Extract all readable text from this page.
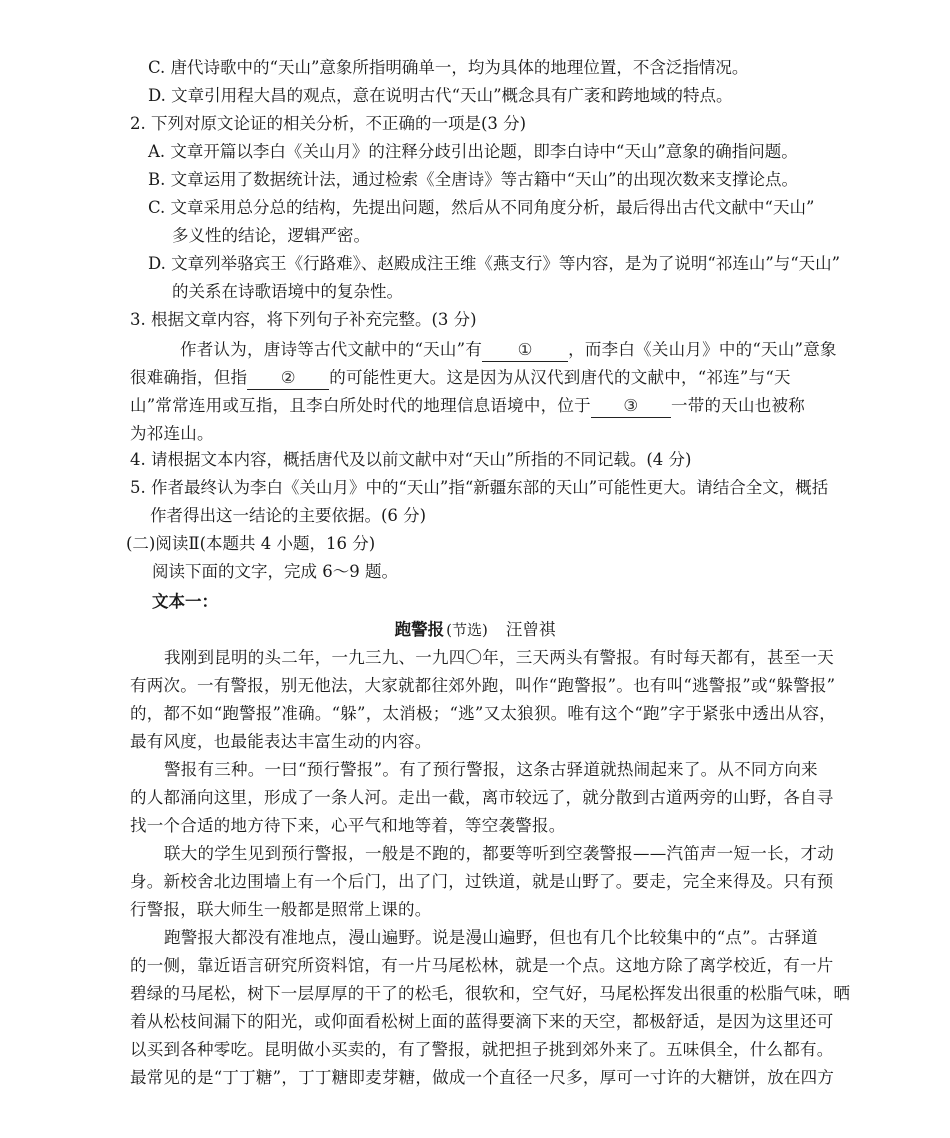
C. 唐代诗歌中的“天山”意象所指明确单一，均为具体的地理位置，不含泛指情况。
D. 文章引用程大昌的观点，意在说明古代“天山”概念具有广袤和跨地域的特点。
2. 下列对原文论证的相关分析，不正确的一项是(3 分)
A. 文章开篇以李白《关山月》的注释分歧引出论题，即李白诗中“天山”意象的确指问题。
B. 文章运用了数据统计法，通过检索《全唐诗》等古籍中“天山”的出现次数来支撑论点。
C. 文章采用总分总的结构，先提出问题，然后从不同角度分析，最后得出古代文献中“天山”
多义性的结论，逻辑严密。
D. 文章列举骆宾王《行路难》、赵殿成注王维《燕支行》等内容，是为了说明“祁连山”与“天山”
的关系在诗歌语境中的复杂性。
3. 根据文章内容，将下列句子补充完整。(3 分)
作者认为，唐诗等古代文献中的“天山”有 ① ，而李白《关山月》中的“天山”意象
很难确指，但指 ② 的可能性更大。这是因为从汉代到唐代的文献中，“祁连”与“天
山”常常连用或互指，且李白所处时代的地理信息语境中，位于 ③ 一带的天山也被称
为祁连山。
4. 请根据文本内容，概括唐代及以前文献中对“天山”所指的不同记载。(4 分)
5. 作者最终认为李白《关山月》中的“天山”指“新疆东部的天山”可能性更大。请结合全文，概括
作者得出这一结论的主要依据。(6 分)
(二)阅读Ⅱ(本题共 4 小题，16 分)
阅读下面的文字，完成 6～9 题。
文本一：
跑警报 (节选) 汪曾祺
我刚到昆明的头二年，一九三九、一九四〇年，三天两头有警报。有时每天都有，甚至一天
有两次。一有警报，别无他法，大家就都往郊外跑，叫作“跑警报”。也有叫“逃警报”或“躲警报”
的，都不如“跑警报”准确。“躲”，太消极；“逃”又太狼狈。唯有这个“跑”字于紧张中透出从容，
最有风度，也最能表达丰富生动的内容。
警报有三种。一曰“预行警报”。有了预行警报，这条古驿道就热闹起来了。从不同方向来
的人都涌向这里，形成了一条人河。走出一截，离市较远了，就分散到古道两旁的山野，各自寻
找一个合适的地方待下来，心平气和地等着，等空袭警报。
联大的学生见到预行警报，一般是不跑的，都要等听到空袭警报——汽笛声一短一长，才动
身。新校舍北边围墙上有一个后门，出了门，过铁道，就是山野了。要走，完全来得及。只有预
行警报，联大师生一般都是照常上课的。
跑警报大都没有准地点，漫山遍野。说是漫山遍野，但也有几个比较集中的“点”。古驿道
的一侧，靠近语言研究所资料馆，有一片马尾松林，就是一个点。这地方除了离学校近，有一片
碧绿的马尾松，树下一层厚厚的干了的松毛，很软和，空气好，马尾松挥发出很重的松脂气味，晒
着从松枝间漏下的阳光，或仰面看松树上面的蓝得要滴下来的天空，都极舒适，是因为这里还可
以买到各种零吃。昆明做小买卖的，有了警报，就把担子挑到郊外来了。五味俱全，什么都有。
最常见的是“丁丁糖”，丁丁糖即麦芽糖，做成一个直径一尺多，厚可一寸许的大糖饼，放在四方
